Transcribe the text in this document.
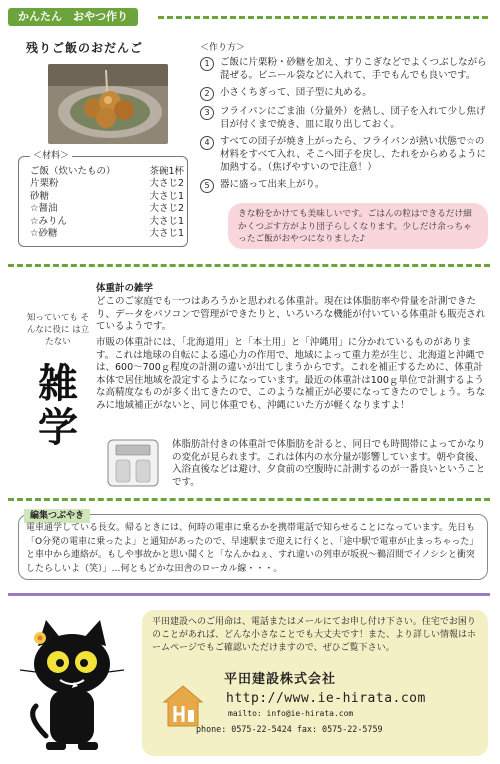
かんたん　おやつ作り
残りご飯のおだんご
＜材料＞
ご飯（炊いたもの）	茶碗1杯
片栗粉	大さじ2
砂糖	大さじ1
☆醤油	大さじ2
☆みりん	大さじ1
☆砂糖	大さじ1
＜作り方＞
1	ご飯に片栗粉・砂糖を加え、すりこぎなどでよくつぶしながら混ぜる。ビニール袋などに入れて、手でもんでも良いです。
2	小さくちぎって、団子型に丸める。
3	フライパンにごま油（分量外）を熱し、団子を入れて少し焦げ目が付くまで焼き、皿に取り出しておく。
4	すべての団子が焼き上がったら、フライパンが熱い状態で☆の材料をすべて入れ、そこへ団子を戻し、たれをからめるように加熱する。（焦げやすいので注意！）
5	器に盛って出来上がり。
きな粉をかけても美味しいです。ごはんの粒はできるだけ細かくつぶす方がより団子らしくなります。少しだけ余っちゃったご飯がおやつになりました♪
知っていても そんなに役に は立たない
雑学
体重計の雑学
どこのご家庭でも一つはあろうかと思われる体重計。現在は体脂肪率や骨量を計測できたり、データをパソコンで管理ができたりと、いろいろな機能が付いている体重計も販売されているようです。
市販の体重計には、「北海道用」と「本土用」と「沖縄用」に分かれているものがあります。これは地球の自転による遠心力の作用で、地域によって重力差が生じ、北海道と沖縄では、600～700ｇ程度の計測の違いが出てしまうからです。これを補正するために、体重計本体で居住地域を設定するようになっています。最近の体重計は100ｇ単位で計測するような高精度なものが多く出てきたので、このような補正が必要になってきたのでしょう。ちなみに地域補正がないと、同じ体重でも、沖縄にいた方が軽くなりますよ！
体脂肪計付きの体重計で体脂肪を計ると、同日でも時間帯によってかなりの変化が見られます。これは体内の水分量が影響しています。朝や食後、入浴直後などは避け、夕食前の空腹時に計測するのが一番良いということです。
編集つぶやき
電車通学している長女。帰るときには、何時の電車に乗るかを携帯電話で知らせることになっています。先日も「O分発の電車に乗ったよ」と通知があったので、早速駅まで迎えに行くと、「途中駅で電車が止まっちゃった」と車中から連絡が。もしや事故かと思い聞くと「なんかねぇ、すれ違いの列車が坂祝～鵜沼間でイノシシと衝突したらしいよ（笑）」…何ともどかな田舎のローカル線・・・。
平田建設へのご用命は、電話またはメールにてお申し付け下さい。住宅でお困りのことがあれば、どんな小さなことでも大丈夫です！また、より詳しい情報はホームページでもご確認いただけますので、ぜひご覧下さい。
平田建設株式会社
http://www.ie-hirata.com
mailto: info@ie-hirata.com
phone: 0575-22-5424 fax: 0575-22-5759
